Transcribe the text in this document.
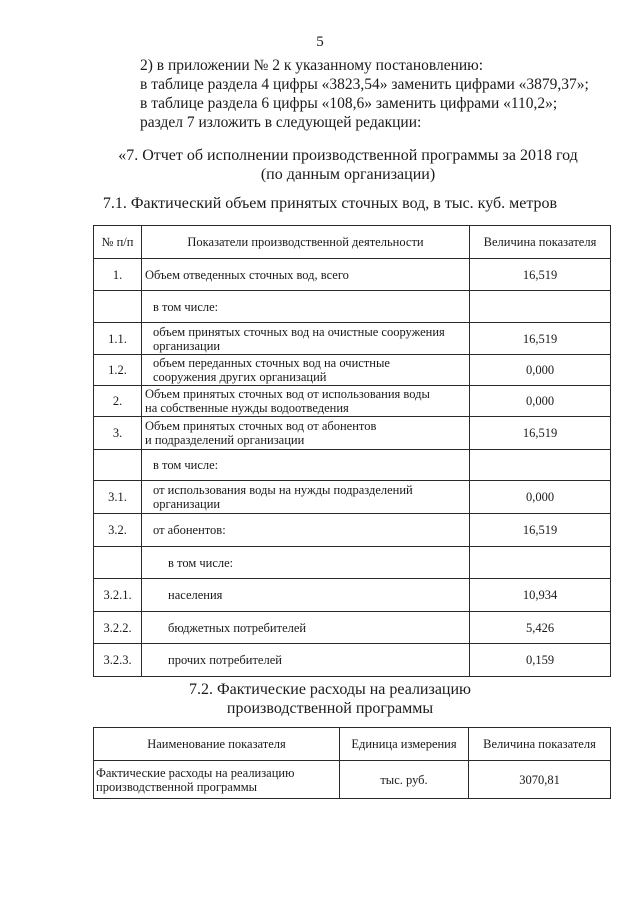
5
2) в приложении № 2 к указанному постановлению:
в таблице раздела 4 цифры «3823,54» заменить цифрами «3879,37»;
в таблице раздела 6 цифры «108,6» заменить цифрами «110,2»;
раздел 7 изложить в следующей редакции:
«7. Отчет об исполнении производственной программы за 2018 год
(по данным организации)
7.1. Фактический объем принятых сточных вод, в тыс. куб. метров
№ п/п	Показатели производственной деятельности	Величина показателя
1.	Объем отведенных сточных вод, всего	16,519

	в том числе:	

1.1.	объем принятых сточных вод на очистные сооружения
организации	16,519
1.2.	объем переданных сточных вод на очистные
сооружения других организаций	0,000
2.	Объем принятых сточных вод от использования воды
на собственные нужды водоотведения	0,000
3.	Объем принятых сточных вод от абонентов
и подразделений организации	16,519

	в том числе:	

3.1.	от использования воды на нужды подразделений
организации	0,000
3.2.	от абонентов:	16,519

	в том числе:	

3.2.1.	населения	10,934
3.2.2.	бюджетных потребителей	5,426
3.2.3.	прочих потребителей	0,159
7.2. Фактические расходы на реализацию
производственной программы
Наименование показателя	Единица измерения	Величина показателя

Фактические расходы на реализацию
производственной программы	тыс. руб.	3070,81
